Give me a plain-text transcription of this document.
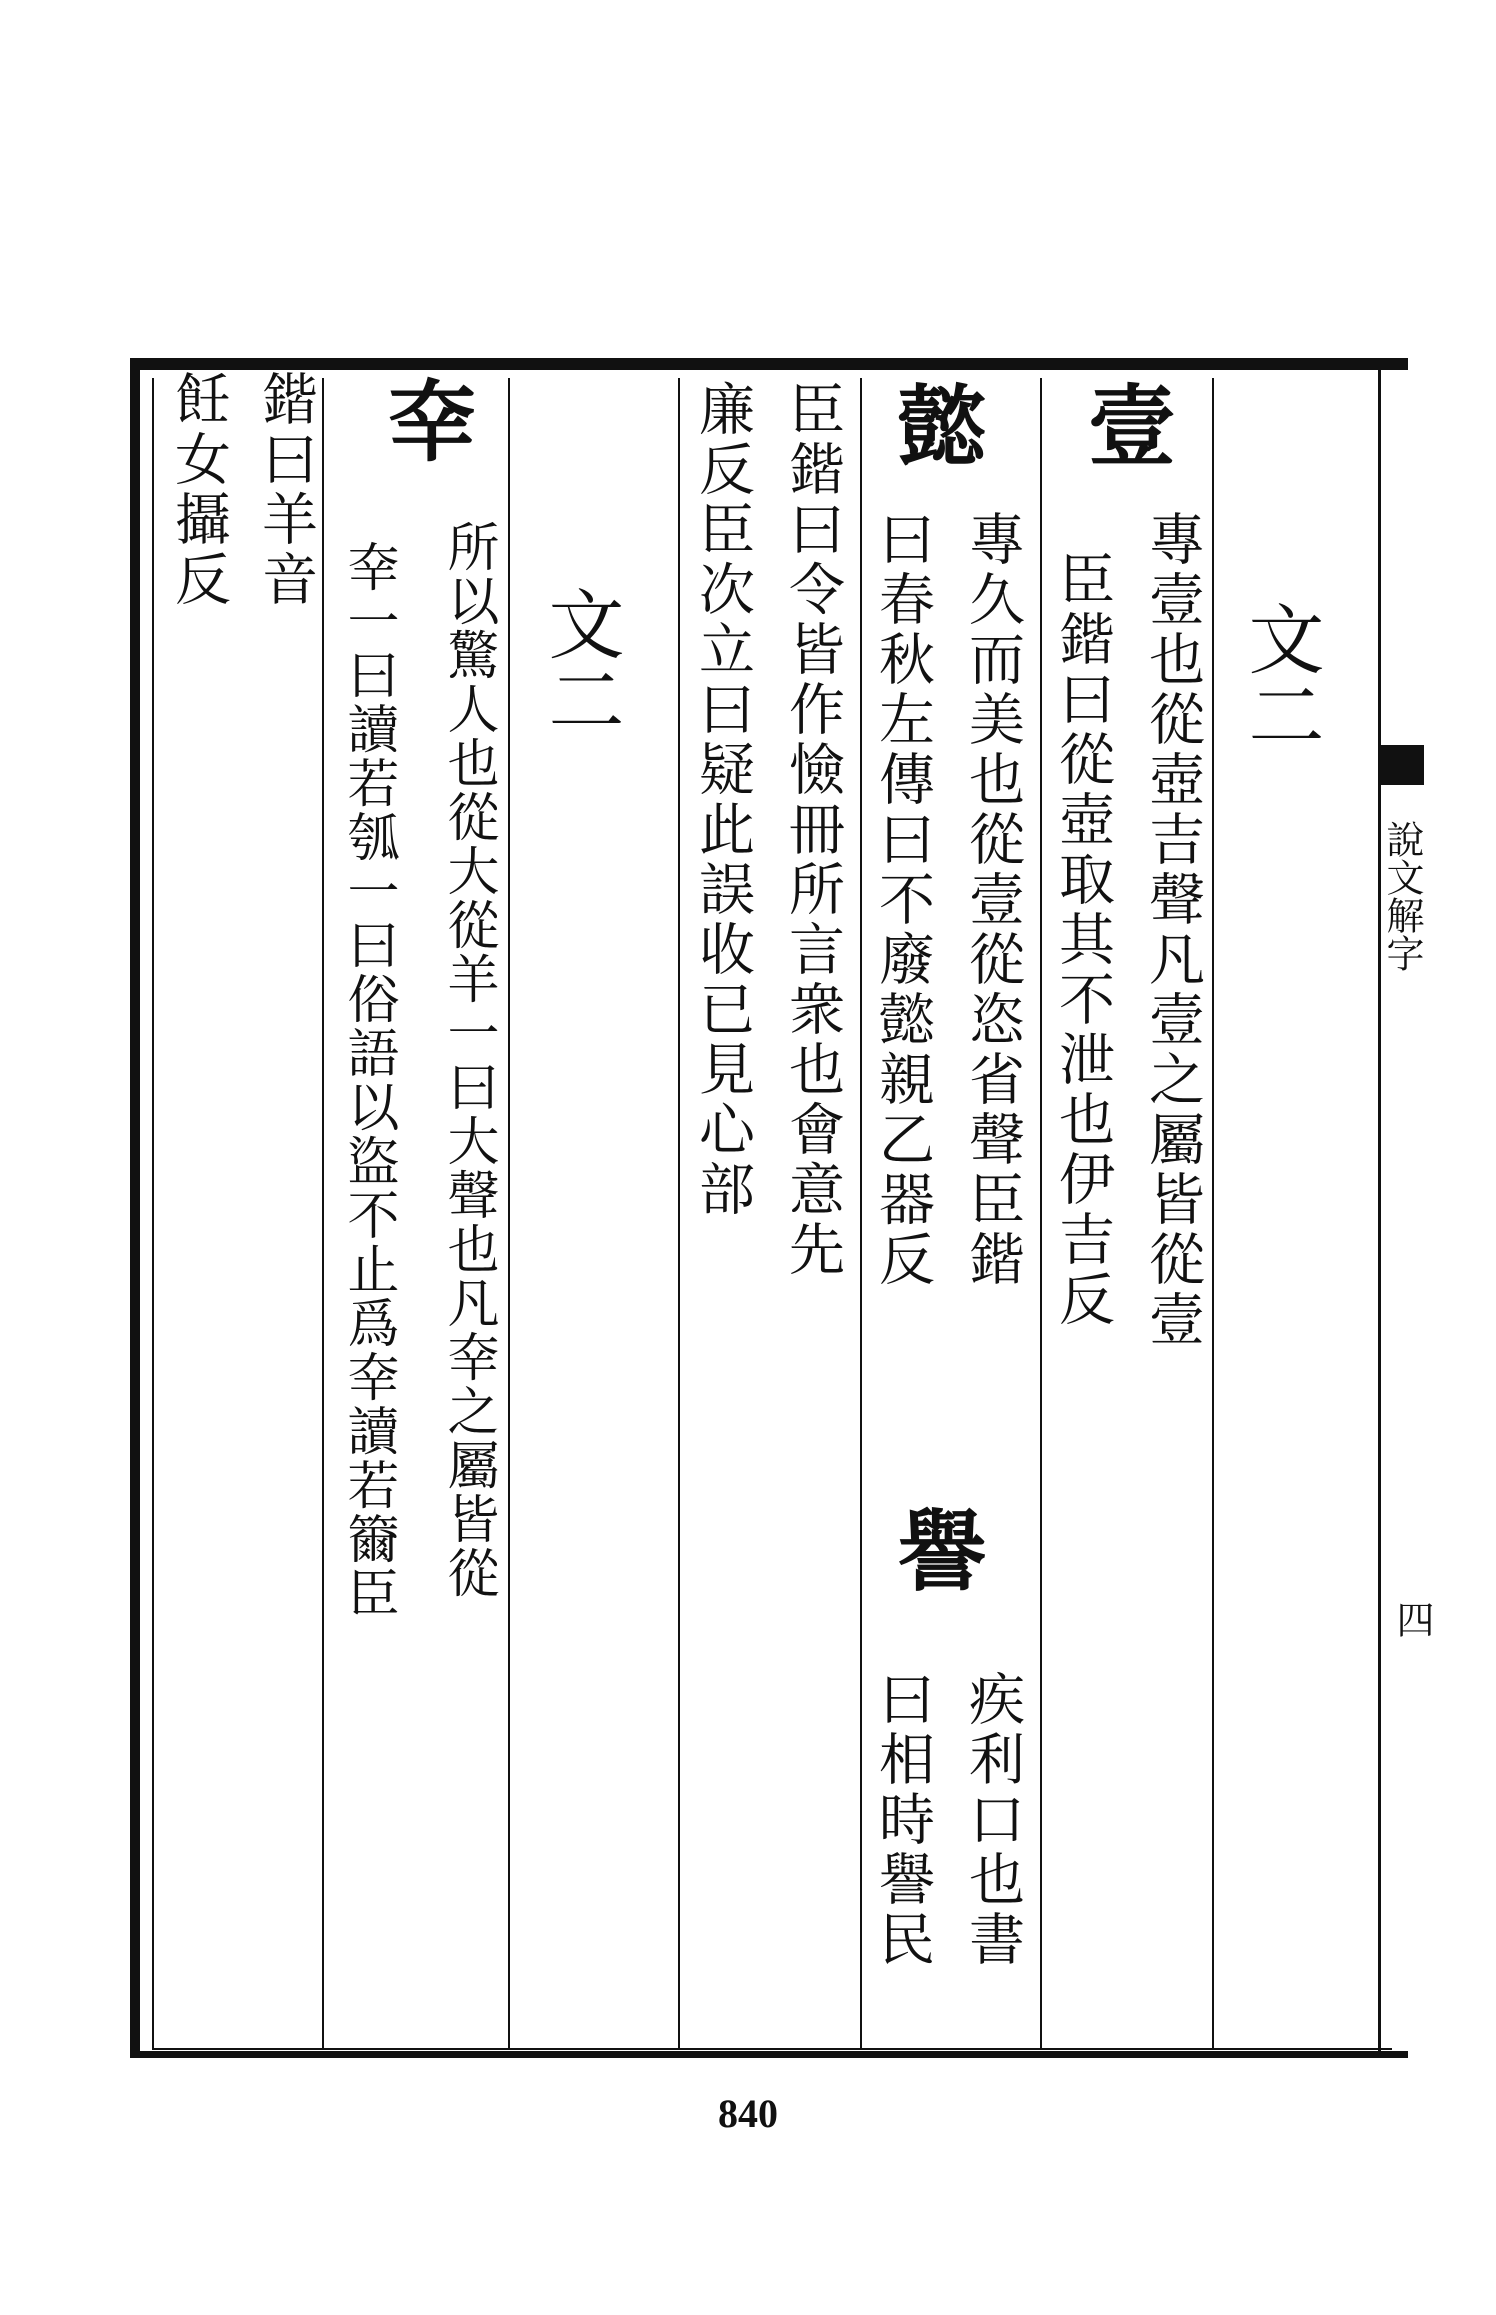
說文解字
四
文二
壹
專壹也從壺吉聲凡壹之屬皆從壹
臣鍇曰從壺取其不泄也伊吉反
懿
專久而美也從壹從恣省聲臣鍇
曰春秋左傳曰不廢懿親乙器反
譽
疾利口也書
曰相時譽民
臣鍇曰令皆作憸冊所言衆也會意先
廉反臣次立曰疑此誤收已見心部
文二
㚔
所以驚人也從大從羊一曰大聲也凡㚔之屬皆從
㚔一曰讀若瓠一曰俗語以盜不止爲㚔讀若籋臣
鍇曰羊音
飪女攝反
840
